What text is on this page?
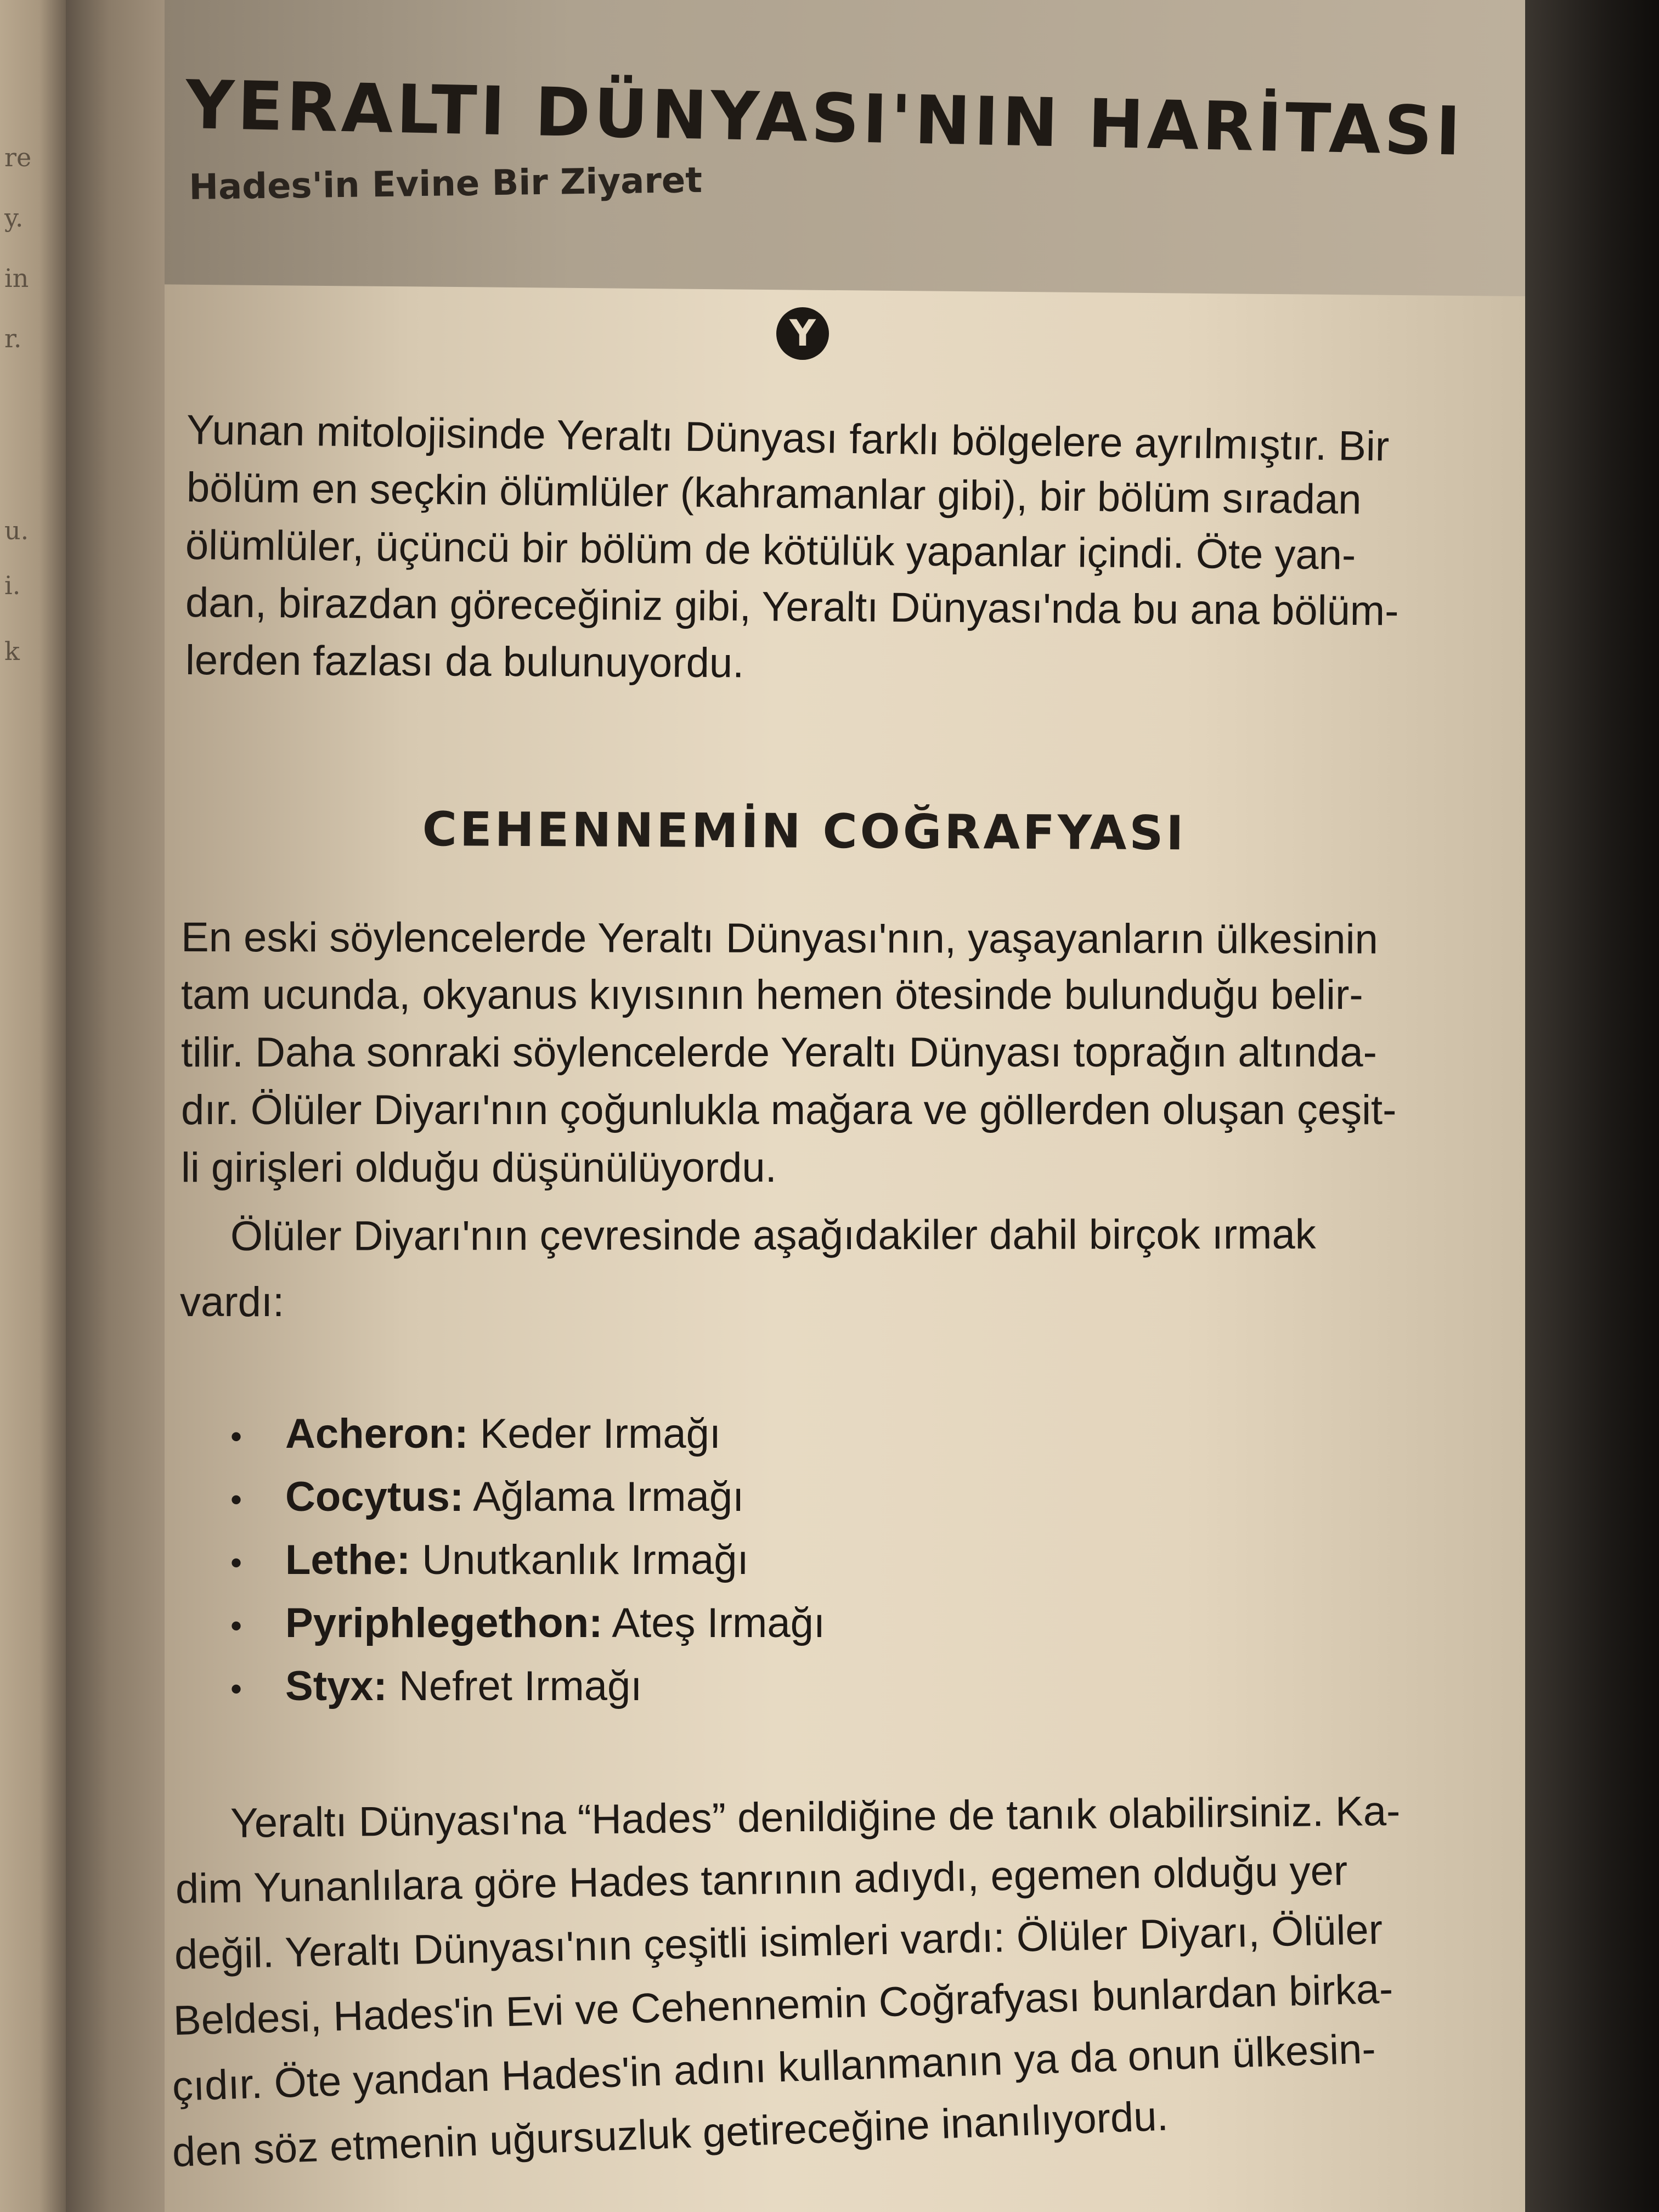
re
y.
in
r.
u.
i.
k
YERALTI DÜNYASI'NIN HARİTASI
Hades'in Evine Bir Ziyaret
Y
Yunan mitolojisinde Yeraltı Dünyası farklı bölgelere ayrılmıştır. Bir
bölüm en seçkin ölümlüler (kahramanlar gibi), bir bölüm sıradan
ölümlüler, üçüncü bir bölüm de kötülük yapanlar içindi. Öte yan-
dan, birazdan göreceğiniz gibi, Yeraltı Dünyası'nda bu ana bölüm-
lerden fazlası da bulunuyordu.
CEHENNEMİN COĞRAFYASI
En eski söylencelerde Yeraltı Dünyası'nın, yaşayanların ülkesinin
tam ucunda, okyanus kıyısının hemen ötesinde bulunduğu belir-
tilir. Daha sonraki söylencelerde Yeraltı Dünyası toprağın altında-
dır. Ölüler Diyarı'nın çoğunlukla mağara ve göllerden oluşan çeşit-
li girişleri olduğu düşünülüyordu.
Ölüler Diyarı'nın çevresinde aşağıdakiler dahil birçok ırmak
vardı:
• Acheron: Keder Irmağı
• Cocytus: Ağlama Irmağı
• Lethe: Unutkanlık Irmağı
• Pyriphlegethon: Ateş Irmağı
• Styx: Nefret Irmağı
Yeraltı Dünyası'na “Hades” denildiğine de tanık olabilirsiniz. Ka-
dim Yunanlılara göre Hades tanrının adıydı, egemen olduğu yer
değil. Yeraltı Dünyası'nın çeşitli isimleri vardı: Ölüler Diyarı, Ölüler
Beldesi, Hades'in Evi ve Cehennemin Coğrafyası bunlardan birka-
çıdır. Öte yandan Hades'in adını kullanmanın ya da onun ülkesin-
den söz etmenin uğursuzluk getireceğine inanılıyordu.
